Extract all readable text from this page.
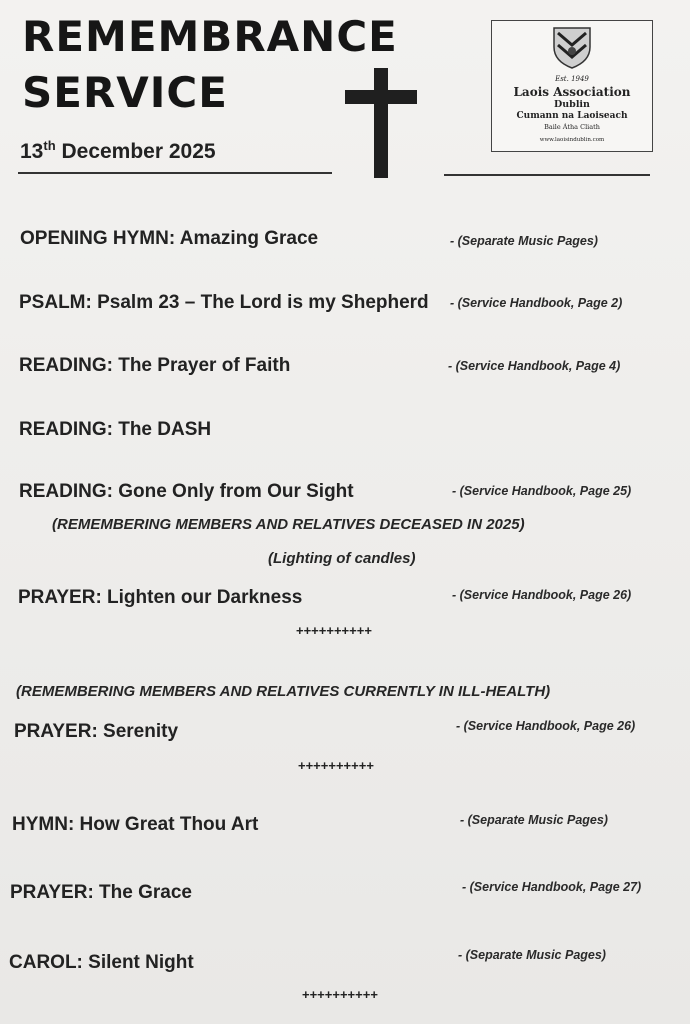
REMEMBRANCE
SERVICE
13th December 2025
Est. 1949
Laois Association
Dublin
Cumann na Laoiseach
Baile Átha Cliath
www.laoisindublin.com
OPENING HYMN: Amazing Grace	- (Separate Music Pages)
PSALM: Psalm 23 – The Lord is my Shepherd - (Service Handbook, Page 2)
READING: The Prayer of Faith	- (Service Handbook, Page 4)
READING: The DASH
READING: Gone Only from Our Sight	- (Service Handbook, Page 25)
(REMEMBERING MEMBERS AND RELATIVES DECEASED IN 2025)
(Lighting of candles)
PRAYER: Lighten our Darkness	- (Service Handbook, Page 26)
++++++++++
(REMEMBERING MEMBERS AND RELATIVES CURRENTLY IN ILL-HEALTH)
PRAYER: Serenity	- (Service Handbook, Page 26)
++++++++++
HYMN: How Great Thou Art	- (Separate Music Pages)
PRAYER: The Grace	- (Service Handbook, Page 27)
CAROL: Silent Night	- (Separate Music Pages)
++++++++++
